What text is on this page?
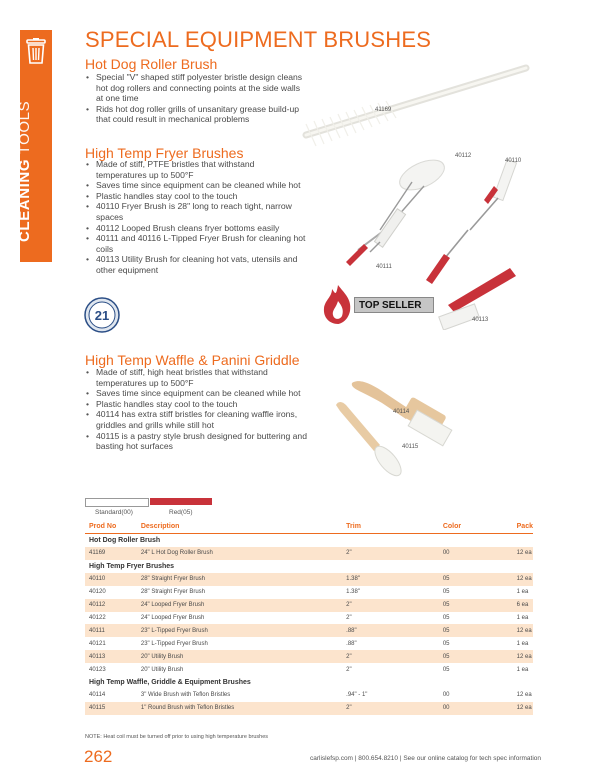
CLEANING TOOLS
SPECIAL EQUIPMENT BRUSHES
Hot Dog Roller Brush
• Special "V" shaped stiff polyester bristle design cleans hot dog rollers and connecting points at the side walls at one time
• Rids hot dog roller grills of unsanitary grease build-up that could result in mechanical problems
41169
High Temp Fryer Brushes
• Made of stiff, PTFE bristles that withstand temperatures up to 500°F
• Saves time since equipment can be cleaned while hot
• Plastic handles stay cool to the touch
• 40110 Fryer Brush is 28" long to reach tight, narrow spaces
• 40112 Looped Brush cleans fryer bottoms easily
• 40111 and 40116 L-Tipped Fryer Brush for cleaning hot coils
• 40113 Utility Brush for cleaning hot vats, utensils and other equipment
21
40112
40110
40111
40113
TOP SELLER
High Temp Waffle & Panini Griddle
• Made of stiff, high heat bristles that withstand temperatures up to 500°F
• Saves time since equipment can be cleaned while hot
• Plastic handles stay cool to the touch
• 40114 has extra stiff bristles for cleaning waffle irons, griddles and grills while still hot
• 40115 is a pastry style brush designed for buttering and basting hot surfaces
40114
40115
Standard(00)	Red(05)
Prod No	Description	Trim	Color	Pack
Hot Dog Roller Brush				
41169	24" L Hot Dog Roller Brush	2"	00	12 ea
High Temp Fryer Brushes				
40110	28" Straight Fryer Brush	1.38"	05	12 ea
40120	28" Straight Fryer Brush	1.38"	05	1 ea
40112	24" Looped Fryer Brush	2"	05	6 ea
40122	24" Looped Fryer Brush	2"	05	1 ea
40111	23" L-Tipped Fryer Brush	.88"	05	12 ea
40121	23" L-Tipped Fryer Brush	.88"	05	1 ea
40113	20" Utility Brush	2"	05	12 ea
40123	20" Utility Brush	2"	05	1 ea
High Temp Waffle, Griddle & Equipment Brushes				
40114	3" Wide Brush with Teflon Bristles	.94" - 1"	00	12 ea
40115	1" Round Brush with Teflon Bristles	2"	00	12 ea
NOTE: Heat coil must be turned off prior to using high temperature brushes
262	carlislefsp.com | 800.654.8210 | See our online catalog for tech spec information
